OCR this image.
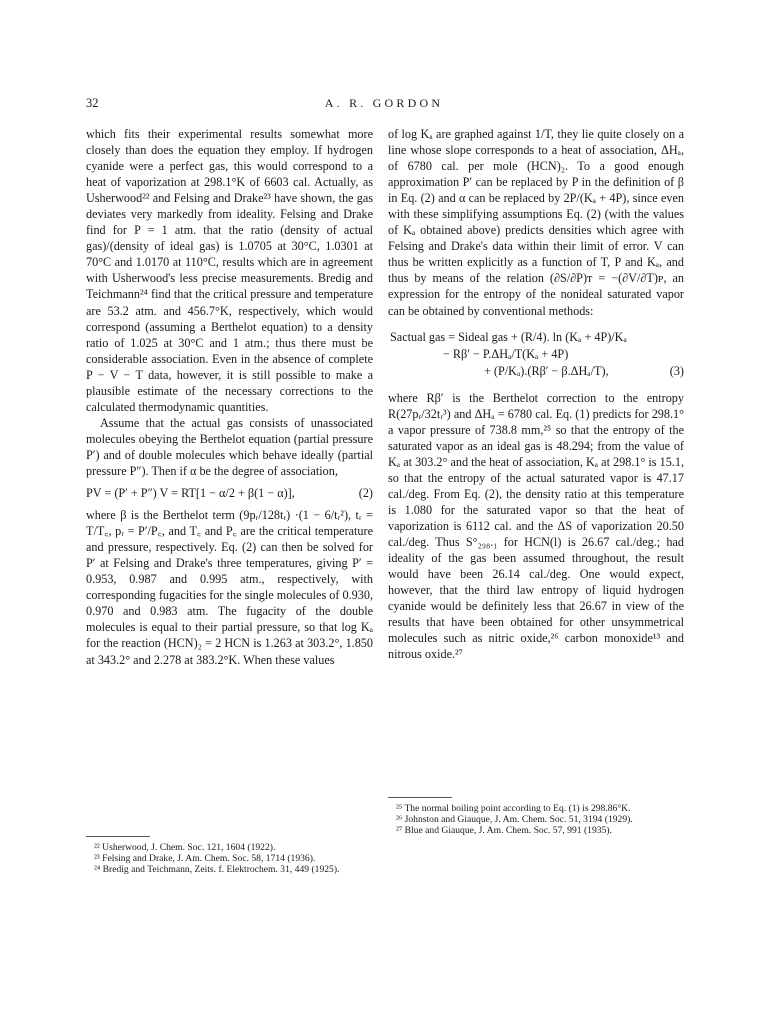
32	A. R. GORDON

which fits their experimental results somewhat more closely than does the equation they employ. If hydrogen cyanide were a perfect gas, this would correspond to a heat of vaporization at 298.1°K of 6603 cal. Actually, as Usherwood²² and Felsing and Drake²³ have shown, the gas deviates very markedly from ideality. Felsing and Drake find for P = 1 atm. that the ratio (density of actual gas)/(density of ideal gas) is 1.0705 at 30°C, 1.0301 at 70°C and 1.0170 at 110°C, results which are in agreement with Usherwood's less precise measurements. Bredig and Teichmann²⁴ find that the critical pressure and temperature are 53.2 atm. and 456.7°K, respectively, which would correspond (assuming a Berthelot equation) to a density ratio of 1.025 at 30°C and 1 atm.; thus there must be considerable association. Even in the absence of complete P − V − T data, however, it is still possible to make a plausible estimate of the necessary corrections to the calculated thermodynamic quantities.

Assume that the actual gas consists of unassociated molecules obeying the Berthelot equation (partial pressure P′) and of double molecules which behave ideally (partial pressure P″). Then if α be the degree of association,

PV = (P′ + P″) V = RT[1 − α/2 + β(1 − α)],	(2)

where β is the Berthelot term (9pᵣ/128tᵣ) ·(1 − 6/tᵣ²), tᵣ = T/T꜀, pᵣ = P′/P꜀, and T꜀ and P꜀ are the critical temperature and pressure, respectively. Eq. (2) can then be solved for P′ at Felsing and Drake's three temperatures, giving P′ = 0.953, 0.987 and 0.995 atm., respectively, with corresponding fugacities for the single molecules of 0.930, 0.970 and 0.983 atm. The fugacity of the double molecules is equal to their partial pressure, so that log Kₐ for the reaction (HCN)₂ = 2 HCN is 1.263 at 303.2°, 1.850 at 343.2° and 2.278 at 383.2°K. When these values

of log Kₐ are graphed against 1/T, they lie quite closely on a line whose slope corresponds to a heat of association, ΔHₐ, of 6780 cal. per mole (HCN)₂. To a good enough approximation P′ can be replaced by P in the definition of β in Eq. (2) and α can be replaced by 2P/(Kₐ + 4P), since even with these simplifying assumptions Eq. (2) (with the values of Kₐ obtained above) predicts densities which agree with Felsing and Drake's data within their limit of error. V can thus be written explicitly as a function of T, P and Kₐ, and thus by means of the relation (∂S/∂P)ᴛ = −(∂V/∂T)ᴘ, an expression for the entropy of the nonideal saturated vapor can be obtained by conventional methods:

Sactual gas = Sideal gas + (R/4). ln (Kₐ + 4P)/Kₐ
− Rβ′ − P.ΔHₐ/T(Kₐ + 4P)
+ (P/Kₐ).(Rβ′ − β.ΔHₐ/T),	(3)

where Rβ′ is the Berthelot correction to the entropy R(27pᵣ/32tᵣ³) and ΔHₐ = 6780 cal. Eq. (1) predicts for 298.1° a vapor pressure of 738.8 mm,²⁵ so that the entropy of the saturated vapor as an ideal gas is 48.294; from the value of Kₐ at 303.2° and the heat of association, Kₐ at 298.1° is 15.1, so that the entropy of the actual saturated vapor is 47.17 cal./deg. From Eq. (2), the density ratio at this temperature is 1.080 for the saturated vapor so that the heat of vaporization is 6112 cal. and the ΔS of vaporization 20.50 cal./deg. Thus S°₂₉₈.₁ for HCN(l) is 26.67 cal./deg.; had ideality of the gas been assumed throughout, the result would have been 26.14 cal./deg. One would expect, however, that the third law entropy of liquid hydrogen cyanide would be definitely less that 26.67 in view of the results that have been obtained for other unsymmetrical molecules such as nitric oxide,²⁶ carbon monoxide¹³ and nitrous oxide.²⁷

²² Usherwood, J. Chem. Soc. 121, 1604 (1922).

²³ Felsing and Drake, J. Am. Chem. Soc. 58, 1714 (1936).

²⁴ Bredig and Teichmann, Zeits. f. Elektrochem. 31, 449 (1925).

²⁵ The normal boiling point according to Eq. (1) is 298.86°K.

²⁶ Johnston and Giauque, J. Am. Chem. Soc. 51, 3194 (1929).

²⁷ Blue and Giauque, J. Am. Chem. Soc. 57, 991 (1935).
